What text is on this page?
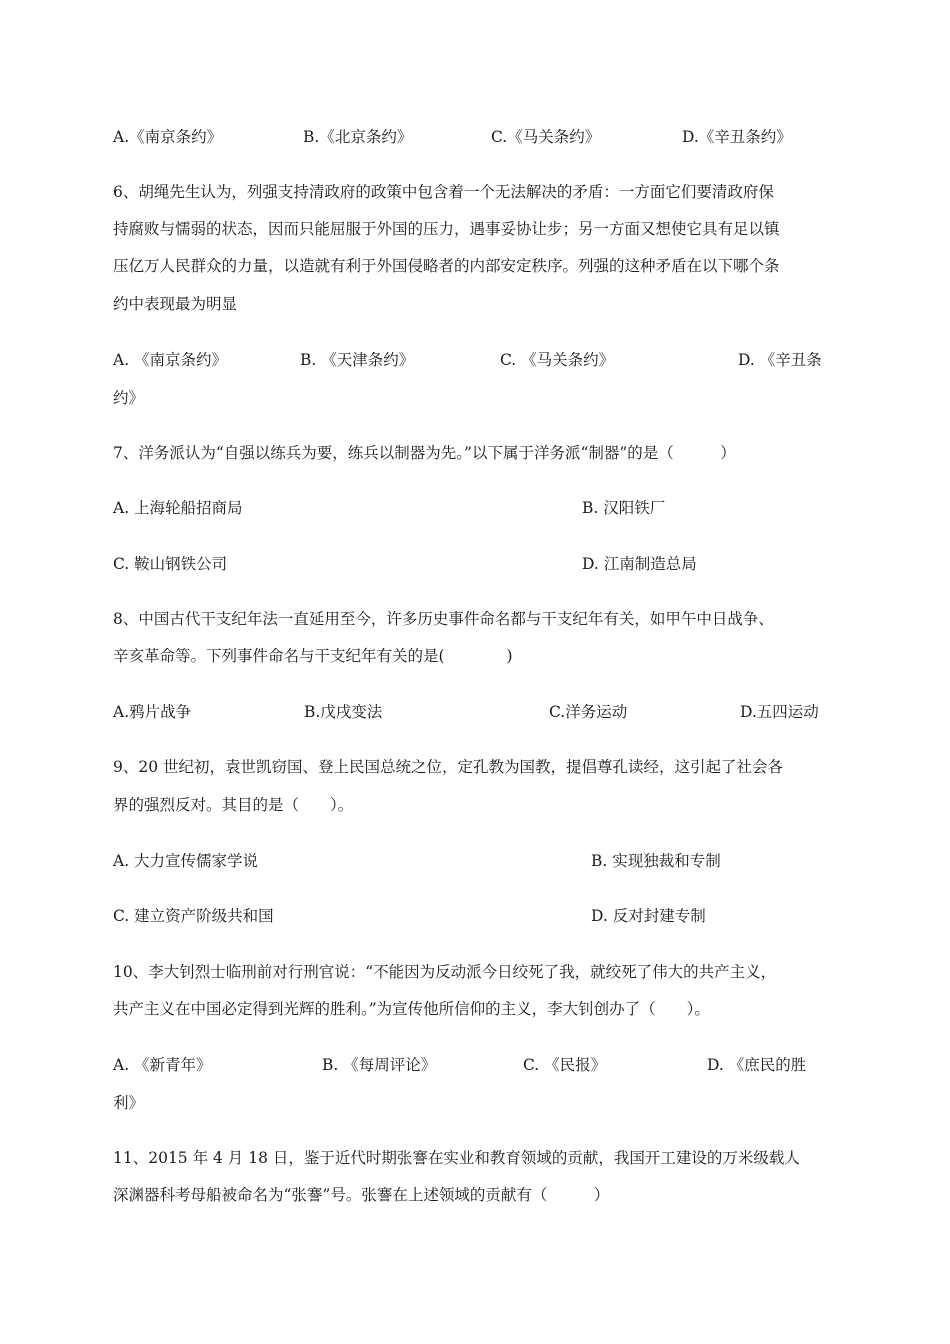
A.《南京条约》	B.《北京条约》	C.《马关条约》	D.《辛丑条约》
6、胡绳先生认为，列强支持清政府的政策中包含着一个无法解决的矛盾：一方面它们要清政府保
持腐败与懦弱的状态，因而只能屈服于外国的压力，遇事妥协让步；另一方面又想使它具有足以镇
压亿万人民群众的力量，以造就有利于外国侵略者的内部安定秩序。列强的这种矛盾在以下哪个条
约中表现最为明显
A. 《南京条约》	B. 《天津条约》	C. 《马关条约》	D. 《辛丑条
约》
7、洋务派认为“自强以练兵为要，练兵以制器为先。”以下属于洋务派“制器”的是（　　　）
A. 上海轮船招商局	B. 汉阳铁厂
C. 鞍山钢铁公司	D. 江南制造总局
8、中国古代干支纪年法一直延用至今，许多历史事件命名都与干支纪年有关，如甲午中日战争、
辛亥革命等。下列事件命名与干支纪年有关的是(　　　　)
A.鸦片战争	B.戊戌变法	C.洋务运动	D.五四运动
9、20 世纪初，袁世凯窃国、登上民国总统之位，定孔教为国教，提倡尊孔读经，这引起了社会各
界的强烈反对。其目的是（　　）。
A. 大力宣传儒家学说	B. 实现独裁和专制
C. 建立资产阶级共和国	D. 反对封建专制
10、李大钊烈士临刑前对行刑官说：“不能因为反动派今日绞死了我，就绞死了伟大的共产主义，
共产主义在中国必定得到光辉的胜利。”为宣传他所信仰的主义，李大钊创办了（　　）。
A. 《新青年》	B. 《每周评论》	C. 《民报》	D. 《庶民的胜
利》
11、2015 年 4 月 18 日，鉴于近代时期张謇在实业和教育领域的贡献，我国开工建设的万米级载人
深渊器科考母船被命名为“张謇”号。张謇在上述领域的贡献有（　　　）
